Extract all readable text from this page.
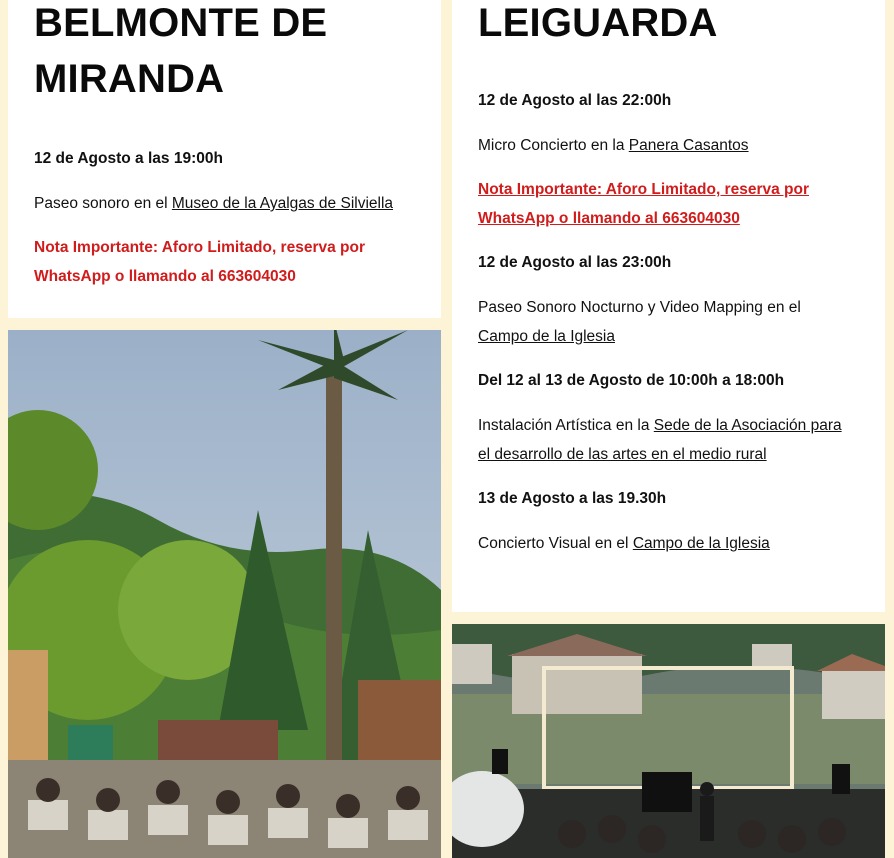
BELMONTE DE
MIRANDA

12 de Agosto a las 19:00h

Paseo sonoro en el Museo de la Ayalgas de Silviella

Nota Importante: Aforo Limitado, reserva por
WhatsApp o llamando al 663604030

LEIGUARDA

12 de Agosto al las 22:00h

Micro Concierto en la Panera Casantos

Nota Importante: Aforo Limitado, reserva por
WhatsApp o llamando al 663604030

12 de Agosto al las 23:00h

Paseo Sonoro Nocturno y Video Mapping en el
Campo de la Iglesia

Del 12 al 13 de Agosto de 10:00h a 18:00h

Instalación Artística en la Sede de la Asociación para
el desarrollo de las artes en el medio rural

13 de Agosto a las 19.30h

Concierto Visual en el Campo de la Iglesia
